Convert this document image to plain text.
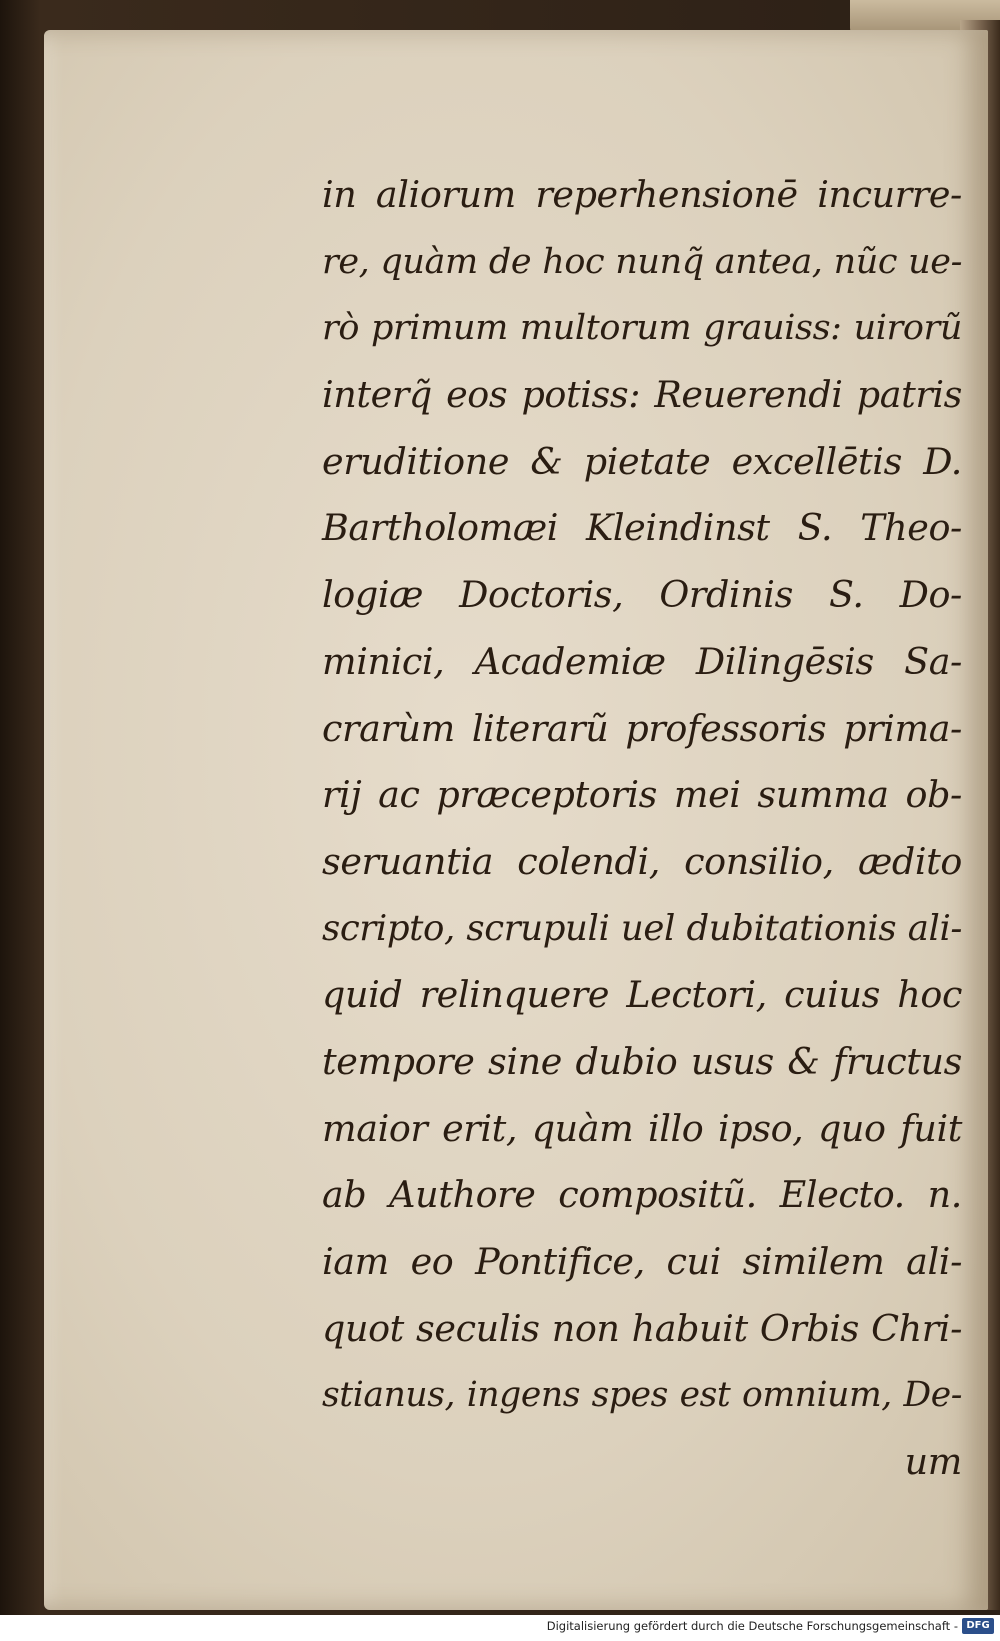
in aliorum reperhensionē incurre-
re, quàm de hoc nunq̃ antea, nũc ue-
rò primum multorum grauiss: uirorũ
interq̃ eos potiss: Reuerendi patris
eruditione & pietate excellētis D.
Bartholomæi Kleindinst S. Theo-
logiæ Doctoris, Ordinis S. Do-
minici, Academiæ Dilingēsis Sa-
crarùm literarũ professoris prima-
rij ac præceptoris mei summa ob-
seruantia colendi, consilio, ædito
scripto, scrupuli uel dubitationis ali-
quid relinquere Lectori, cuius hoc
tempore sine dubio usus & fructus
maior erit, quàm illo ipso, quo fuit
ab Authore compositũ. Electo. n.
iam eo Pontifice, cui similem ali-
quot seculis non habuit Orbis Chri-
stianus, ingens spes est omnium, De-
um
Digitalisierung gefördert durch die Deutsche Forschungsgemeinschaft - DFG
